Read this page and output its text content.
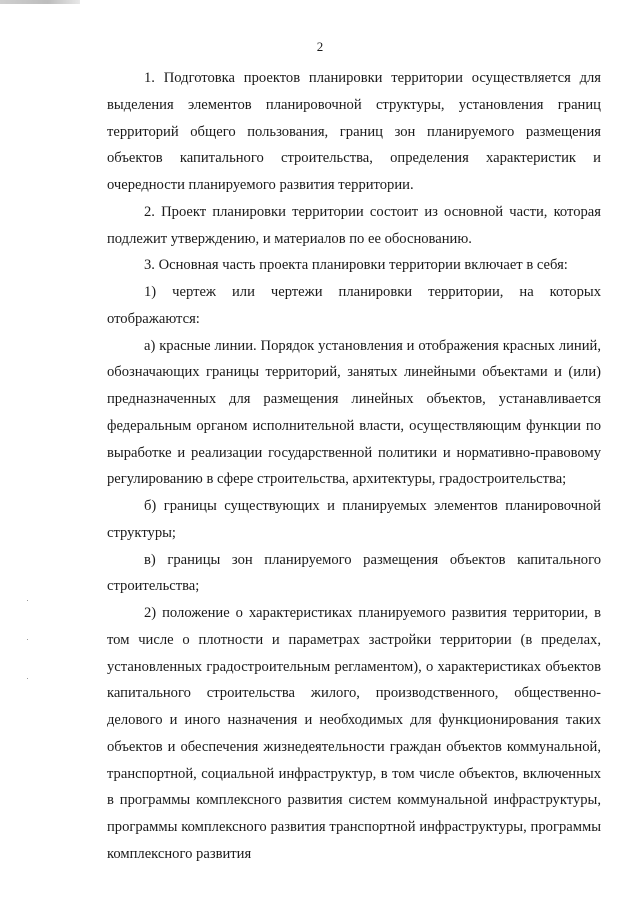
2

1. Подготовка проектов планировки территории осуществляется для выделения элементов планировочной структуры, установления границ территорий общего пользования, границ зон планируемого размещения объектов капитального строительства, определения характеристик и очередности планируемого развития территории.

2. Проект планировки территории состоит из основной части, которая подлежит утверждению, и материалов по ее обоснованию.

3. Основная часть проекта планировки территории включает в себя:

1) чертеж или чертежи планировки территории, на которых отображаются:

а) красные линии. Порядок установления и отображения красных линий, обозначающих границы территорий, занятых линейными объектами и (или) предназначенных для размещения линейных объектов, устанавливается федеральным органом исполнительной власти, осуществляющим функции по выработке и реализации государственной политики и нормативно-правовому регулированию в сфере строительства, архитектуры, градостроительства;

б) границы существующих и планируемых элементов планировочной структуры;

в) границы зон планируемого размещения объектов капитального строительства;

2) положение о характеристиках планируемого развития территории, в том числе о плотности и параметрах застройки территории (в пределах, установленных градостроительным регламентом), о характеристиках объектов капитального строительства жилого, производственного, общественно-делового и иного назначения и необходимых для функционирования таких объектов и обеспечения жизнедеятельности граждан объектов коммунальной, транспортной, социальной инфраструктур, в том числе объектов, включенных в программы комплексного развития систем коммунальной инфраструктуры, программы комплексного развития транспортной инфраструктуры, программы комплексного развития
